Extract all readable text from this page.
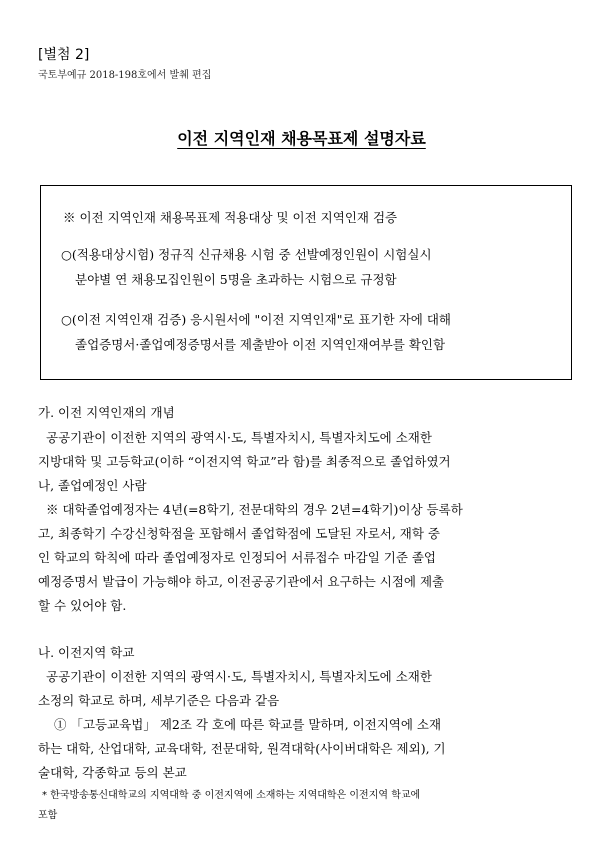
[별첨 2]
국토부예규 2018-198호에서 발췌 편집
이전 지역인재 채용목표제 설명자료
※ 이전 지역인재 채용목표제 적용대상 및 이전 지역인재 검증
○(적용대상시험) 정규직 신규채용 시험 중 선발예정인원이 시험실시
분야별 연 채용모집인원이 5명을 초과하는 시험으로 규정함
○(이전 지역인재 검증) 응시원서에 "이전 지역인재"로 표기한 자에 대해
졸업증명서·졸업예정증명서를 제출받아 이전 지역인재여부를 확인함
가. 이전 지역인재의 개념
공공기관이 이전한 지역의 광역시·도, 특별자치시, 특별자치도에 소재한
지방대학 및 고등학교(이하 “이전지역 학교”라 함)를 최종적으로 졸업하였거
나, 졸업예정인 사람
※ 대학졸업예정자는 4년(=8학기, 전문대학의 경우 2년=4학기)이상 등록하
고, 최종학기 수강신청학점을 포함해서 졸업학점에 도달된 자로서, 재학 중
인 학교의 학칙에 따라 졸업예정자로 인정되어 서류접수 마감일 기준 졸업
예정증명서 발급이 가능해야 하고, 이전공공기관에서 요구하는 시점에 제출
할 수 있어야 함.
나. 이전지역 학교
공공기관이 이전한 지역의 광역시·도, 특별자치시, 특별자치도에 소재한
소정의 학교로 하며, 세부기준은 다음과 같음
① 「고등교육법」 제2조 각 호에 따른 학교를 말하며, 이전지역에 소재
하는 대학, 산업대학, 교육대학, 전문대학, 원격대학(사이버대학은 제외), 기
술대학, 각종학교 등의 본교
* 한국방송통신대학교의 지역대학 중 이전지역에 소재하는 지역대학은 이전지역 학교에
포함
